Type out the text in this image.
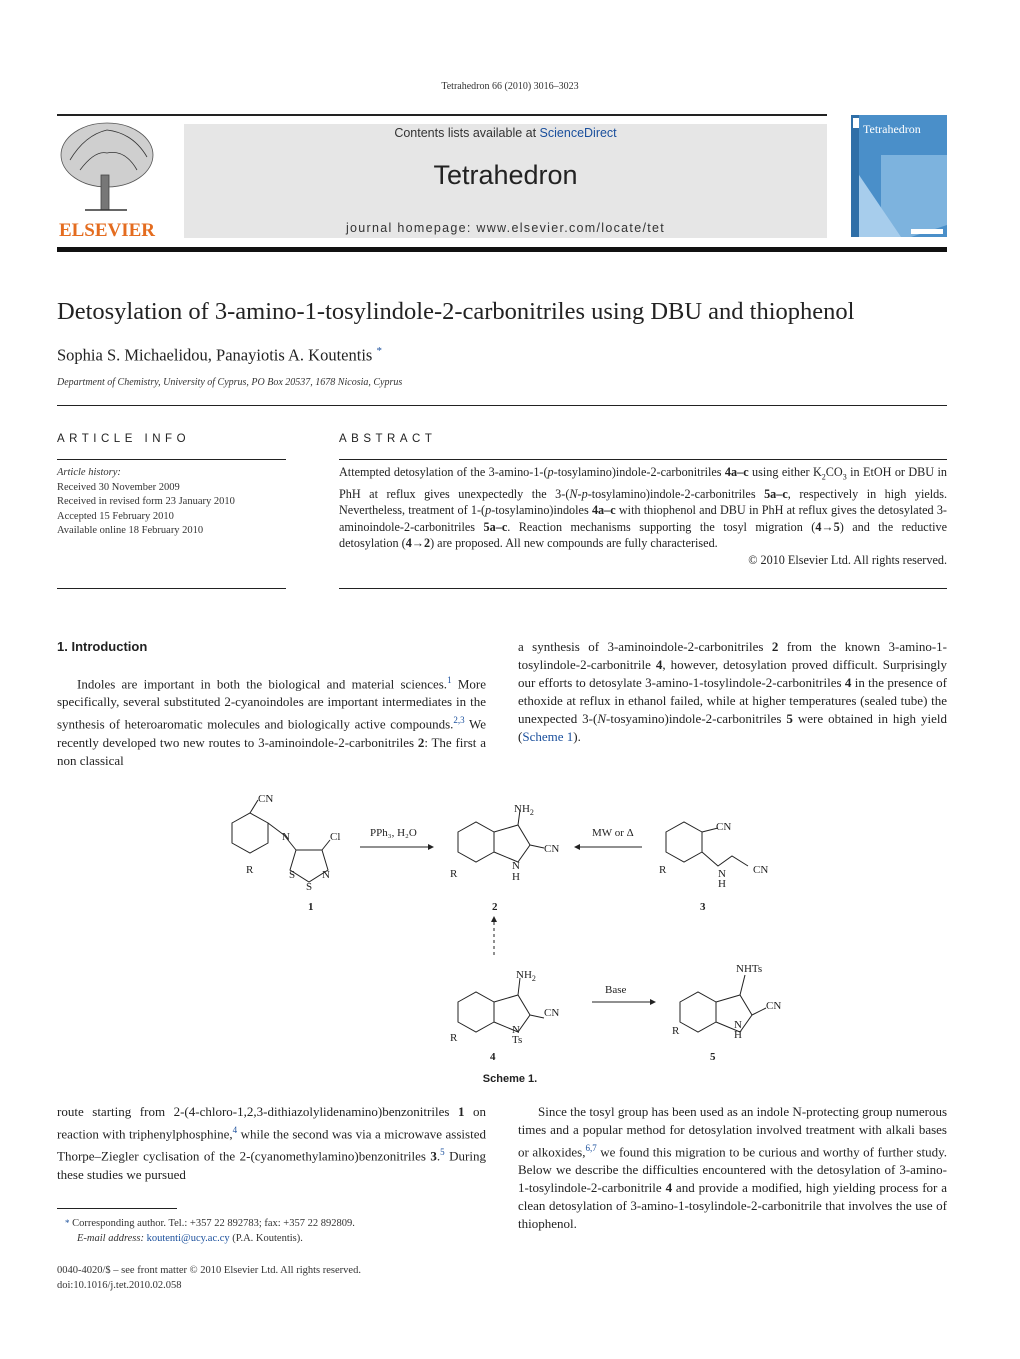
Tetrahedron 66 (2010) 3016–3023
ELSEVIER
Contents lists available at ScienceDirect
Tetrahedron
journal homepage: www.elsevier.com/locate/tet
Tetrahedron
Detosylation of 3-amino-1-tosylindole-2-carbonitriles using DBU and thiophenol
Sophia S. Michaelidou, Panayiotis A. Koutentis *
Department of Chemistry, University of Cyprus, PO Box 20537, 1678 Nicosia, Cyprus
ARTICLE INFO	ABSTRACT
Article history:
Received 30 November 2009
Received in revised form 23 January 2010
Accepted 15 February 2010
Available online 18 February 2010

Attempted detosylation of the 3-amino-1-(p-tosylamino)indole-2-carbonitriles 4a–c using either $K_2CO_3$ in EtOH or DBU in PhH at reflux gives unexpectedly the 3-(N-p-tosylamino)indole-2-carbonitriles 5a–c, respectively in high yields. Nevertheless, treatment of 1-(p-tosylamino)indoles 4a–c with thiophenol and DBU in PhH at reflux gives the detosylated 3-aminoindole-2-carbonitriles 5a–c. Reaction mechanisms supporting the tosyl migration (4→5) and the reductive detosylation (4→2) are proposed. All new compounds are fully characterised.

© 2010 Elsevier Ltd. All rights reserved.

1. Introduction

Indoles are important in both the biological and material sciences.$^1$ More specifically, several substituted 2-cyanoindoles are important intermediates in the synthesis of heteroaromatic molecules and biologically active compounds.$^{2,3}$ We recently developed two new routes to 3-aminoindole-2-carbonitriles 2: The first a non classical

a synthesis of 3-aminoindole-2-carbonitriles 2 from the known 3-amino-1-tosylindole-2-carbonitrile 4, however, detosylation proved difficult. Surprisingly our efforts to detosylate 3-amino-1-tosylindole-2-carbonitriles 4 in the presence of ethoxide at reflux in ethanol failed, while at higher temperatures (sealed tube) the unexpected 3-(N-tosyamino)indole-2-carbonitriles 5 were obtained in high yield (Scheme 1).

CN
N	Cl
R	S N
S
$NH_2$
CN
N
H
R
CN
N
H
CN
R
$NH_2$
CN
N
Ts
R
NHTs
CN
N
H
R
PPh₃, H₂O	MW or Δ
Base
1	2	3
4	5
Scheme 1.

route starting from 2-(4-chloro-1,2,3-dithiazolylidenamino)benzonitriles 1 on reaction with triphenylphosphine,$^4$ while the second was via a microwave assisted Thorpe–Ziegler cyclisation of the 2-(cyanomethylamino)benzonitriles 3.$^5$ During these studies we pursued

Since the tosyl group has been used as an indole N-protecting group numerous times and a popular method for detosylation involved treatment with alkali bases or alkoxides,$^{6,7}$ we found this migration to be curious and worthy of further study. Below we describe the difficulties encountered with the detosylation of 3-amino-1-tosylindole-2-carbonitrile 4 and provide a modified, high yielding process for a clean detosylation of 3-amino-1-tosylindole-2-carbonitrile that involves the use of thiophenol.

* Corresponding author. Tel.: +357 22 892783; fax: +357 22 892809.
E-mail address: koutenti@ucy.ac.cy (P.A. Koutentis).
0040-4020/$ – see front matter © 2010 Elsevier Ltd. All rights reserved.
doi:10.1016/j.tet.2010.02.058
